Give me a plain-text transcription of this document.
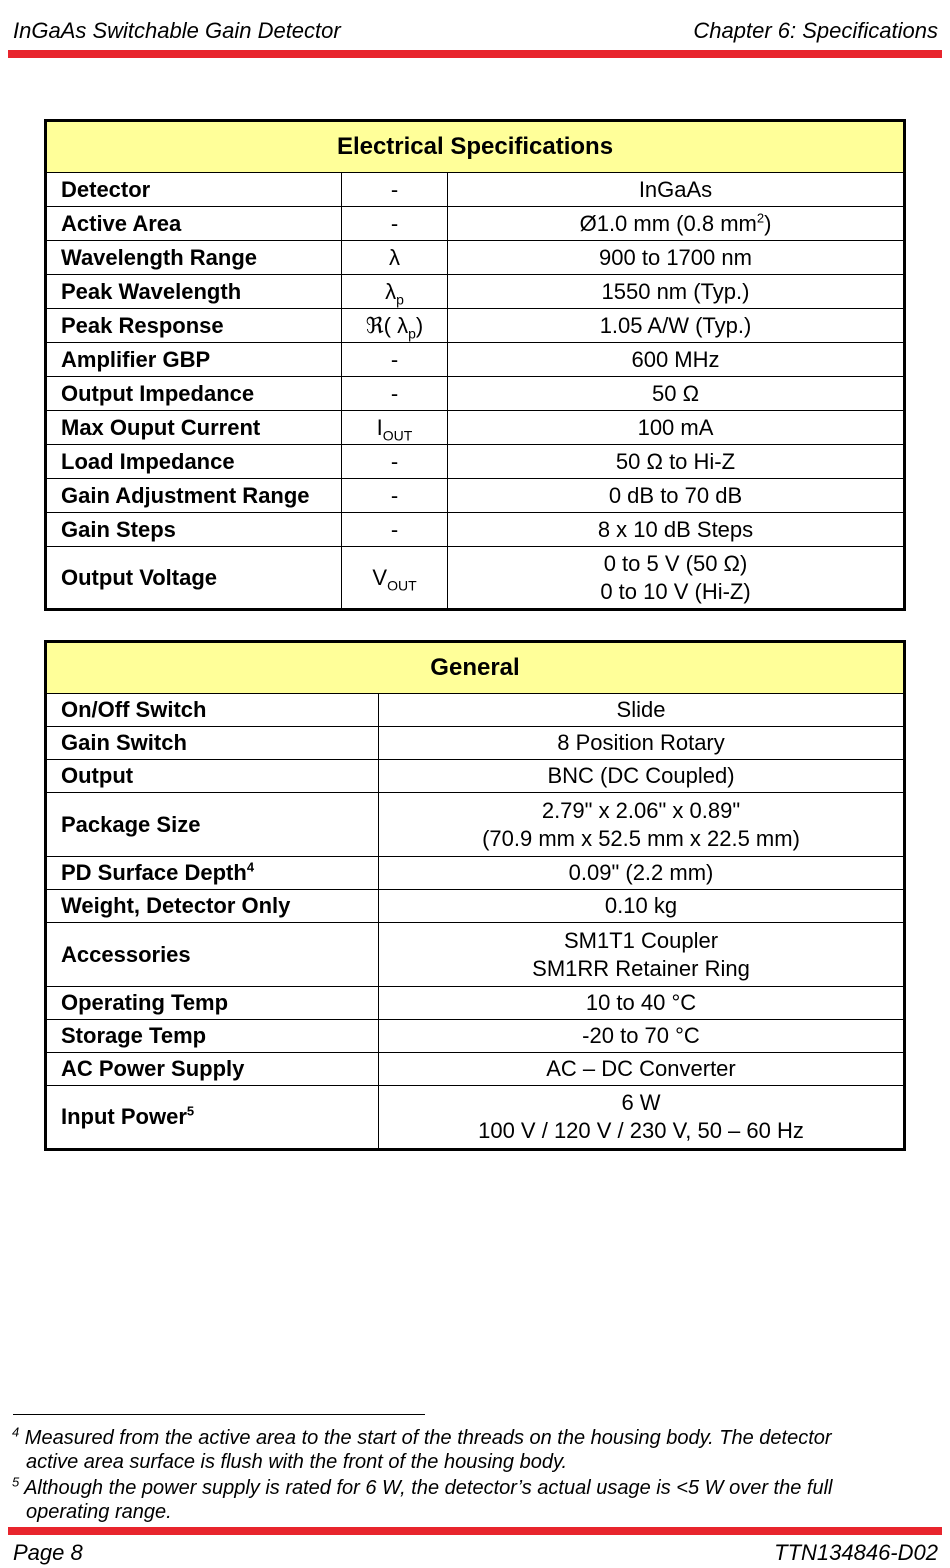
InGaAs Switchable Gain Detector	Chapter 6: Specifications
Electrical Specifications		
Detector	-	InGaAs

Active Area	-	Ø1.0 mm (0.8 $mm^2$)

Wavelength Range	λ	900 to 1700 nm

Peak Wavelength	$\lambda_p$	1550 nm (Typ.)

Peak Response	ℜ( $\lambda_p$)	1.05 A/W (Typ.)

Amplifier GBP	-	600 MHz

Output Impedance	-	50 Ω

Max Ouput Current	$I_{OUT}$	100 mA

Load Impedance	-	50 Ω to Hi-Z

Gain Adjustment Range	-	0 dB to 70 dB

Gain Steps	-	8 x 10 dB Steps

Output Voltage	$V_{OUT}$	0 to 5 V (50 Ω)
0 to 10 V (Hi-Z)
General	
On/Off Switch	Slide

Gain Switch	8 Position Rotary

Output	BNC (DC Coupled)

Package Size	2.79" x 2.06" x 0.89"
(70.9 mm x 52.5 mm x 22.5 mm)

PD Surface Depth$^4$	0.09" (2.2 mm)

Weight, Detector Only	0.10 kg

Accessories	SM1T1 Coupler
SM1RR Retainer Ring

Operating Temp	10 to 40 °C

Storage Temp	-20 to 70 °C

AC Power Supply	AC – DC Converter

Input Power$^5$	6 W
100 V / 120 V / 230 V, 50 – 60 Hz
$^4$ Measured from the active area to the start of the threads on the housing body. The detector
active area surface is flush with the front of the housing body.
$^5$ Although the power supply is rated for 6 W, the detector’s actual usage is <5 W over the full
operating range.
Page 8	TTN134846-D02
